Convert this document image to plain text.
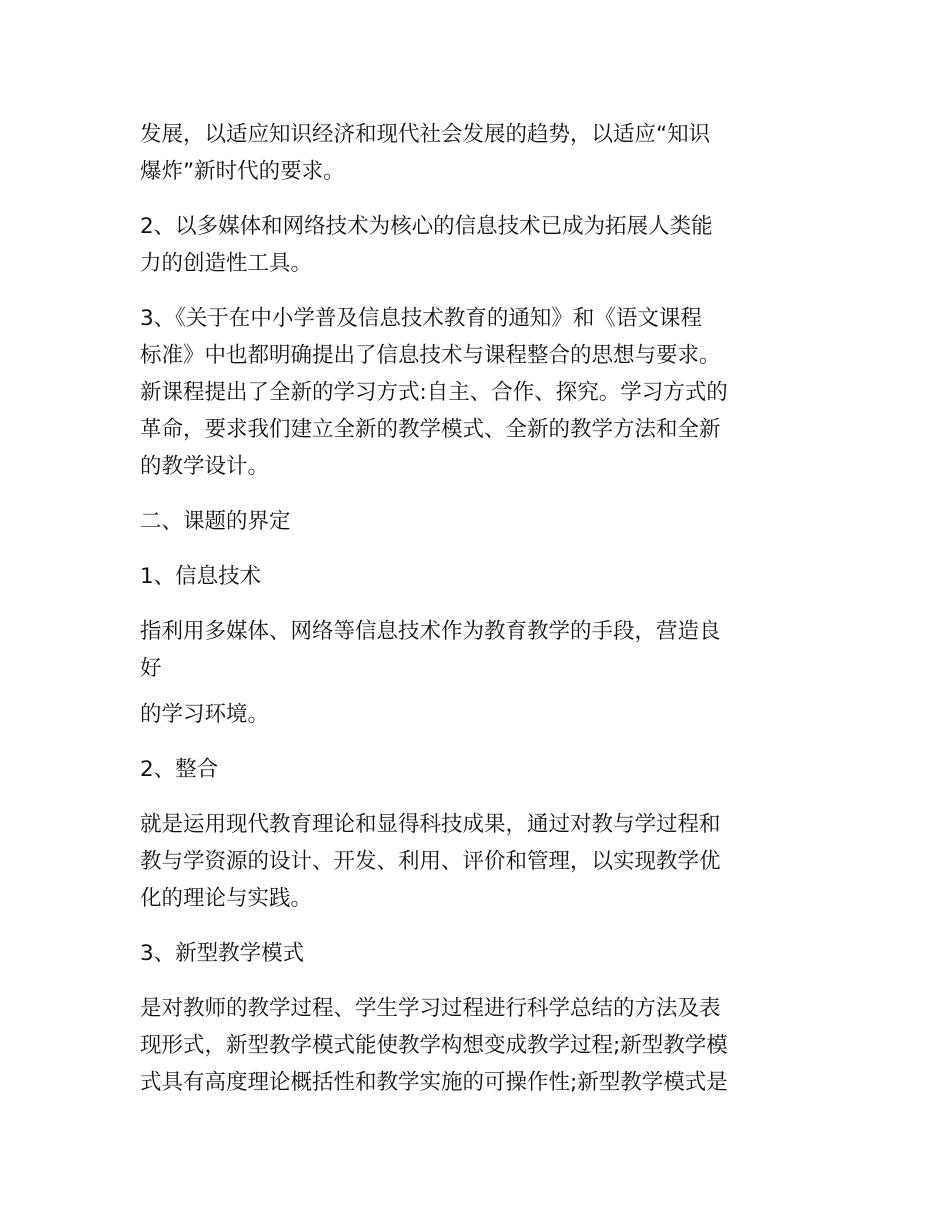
发展，以适应知识经济和现代社会发展的趋势，以适应“知识
爆炸”新时代的要求。

2、以多媒体和网络技术为核心的信息技术已成为拓展人类能
力的创造性工具。

3、《关于在中小学普及信息技术教育的通知》和《语文课程
标准》中也都明确提出了信息技术与课程整合的思想与要求。
新课程提出了全新的学习方式:自主、合作、探究。学习方式的
革命，要求我们建立全新的教学模式、全新的教学方法和全新
的教学设计。

二、课题的界定

1、信息技术

指利用多媒体、网络等信息技术作为教育教学的手段，营造良
好

的学习环境。

2、整合

就是运用现代教育理论和显得科技成果，通过对教与学过程和
教与学资源的设计、开发、利用、评价和管理，以实现教学优
化的理论与实践。

3、新型教学模式

是对教师的教学过程、学生学习过程进行科学总结的方法及表
现形式，新型教学模式能使教学构想变成教学过程;新型教学模
式具有高度理论概括性和教学实施的可操作性;新型教学模式是
